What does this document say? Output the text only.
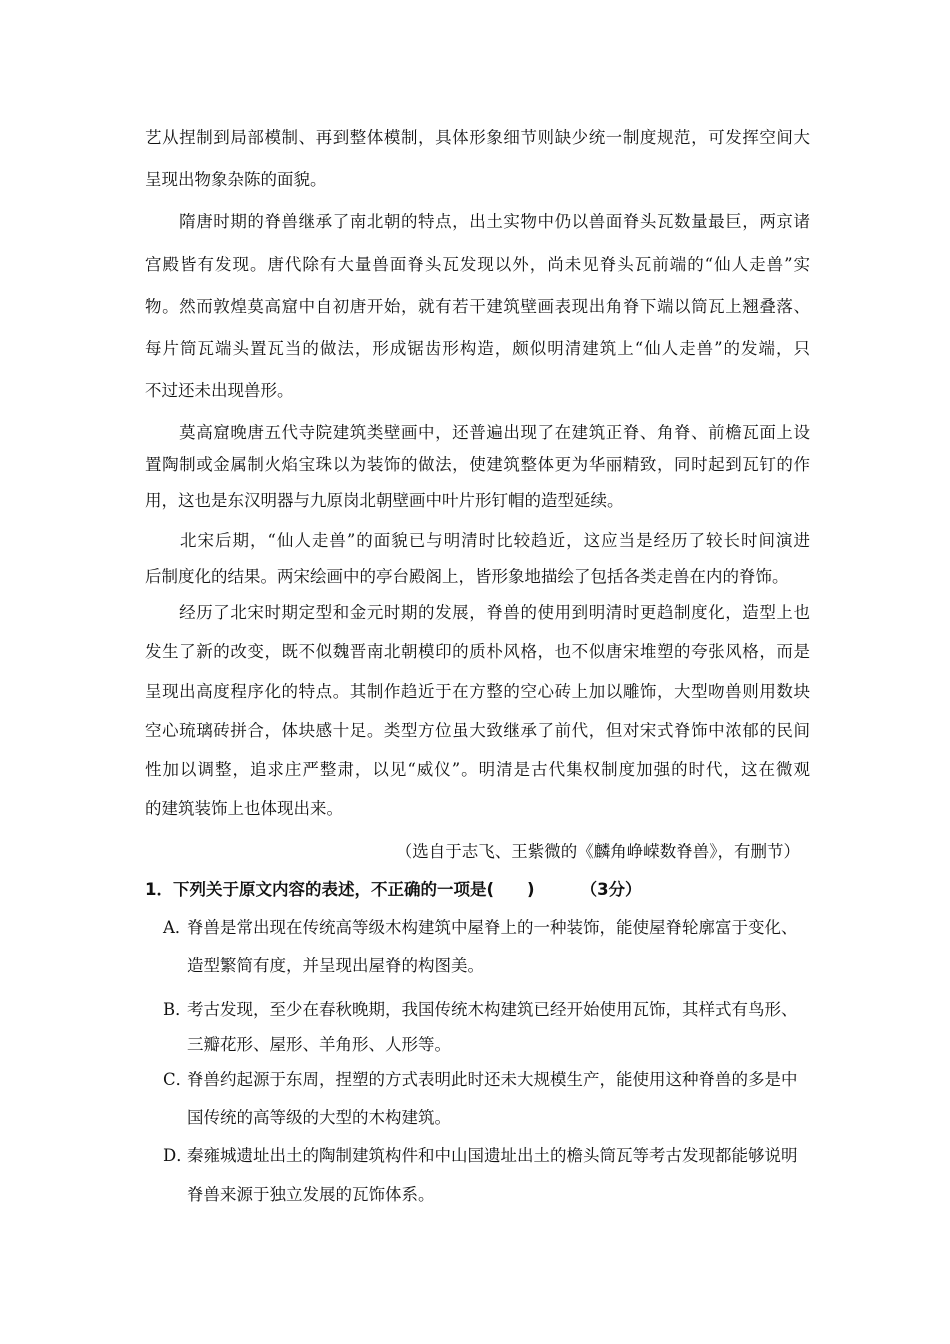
艺从捏制到局部模制、再到整体模制，具体形象细节则缺少统一制度规范，可发挥空间大
呈现出物象杂陈的面貌。
　　隋唐时期的脊兽继承了南北朝的特点，出土实物中仍以兽面脊头瓦数量最巨，两京诸
宫殿皆有发现。唐代除有大量兽面脊头瓦发现以外，尚未见脊头瓦前端的“仙人走兽”实
物。然而敦煌莫高窟中自初唐开始，就有若干建筑壁画表现出角脊下端以筒瓦上翘叠落、
每片筒瓦端头置瓦当的做法，形成锯齿形构造，颇似明清建筑上“仙人走兽”的发端，只
不过还未出现兽形。
　　莫高窟晚唐五代寺院建筑类壁画中，还普遍出现了在建筑正脊、角脊、前檐瓦面上设
置陶制或金属制火焰宝珠以为装饰的做法，使建筑整体更为华丽精致，同时起到瓦钉的作
用，这也是东汉明器与九原岗北朝壁画中叶片形钉帽的造型延续。
　　北宋后期，“仙人走兽”的面貌已与明清时比较趋近，这应当是经历了较长时间演进
后制度化的结果。两宋绘画中的亭台殿阁上，皆形象地描绘了包括各类走兽在内的脊饰。
　　经历了北宋时期定型和金元时期的发展，脊兽的使用到明清时更趋制度化，造型上也
发生了新的改变，既不似魏晋南北朝模印的质朴风格，也不似唐宋堆塑的夸张风格，而是
呈现出高度程序化的特点。其制作趋近于在方整的空心砖上加以雕饰，大型吻兽则用数块
空心琉璃砖拼合，体块感十足。类型方位虽大致继承了前代，但对宋式脊饰中浓郁的民间
性加以调整，追求庄严整肃，以见“威仪”。明清是古代集权制度加强的时代，这在微观
的建筑装饰上也体现出来。
（选自于志飞、王紫微的《麟角峥嵘数脊兽》，有删节）
1．下列关于原文内容的表述，不正确的一项是(　　)	（3分）
A．脊兽是常出现在传统高等级木构建筑中屋脊上的一种装饰，能使屋脊轮廓富于变化、
造型繁简有度，并呈现出屋脊的构图美。
B．考古发现，至少在春秋晚期，我国传统木构建筑已经开始使用瓦饰，其样式有鸟形、
三瓣花形、屋形、羊角形、人形等。
C．脊兽约起源于东周，捏塑的方式表明此时还未大规模生产，能使用这种脊兽的多是中
国传统的高等级的大型的木构建筑。
D．秦雍城遗址出土的陶制建筑构件和中山国遗址出土的檐头筒瓦等考古发现都能够说明
脊兽来源于独立发展的瓦饰体系。
